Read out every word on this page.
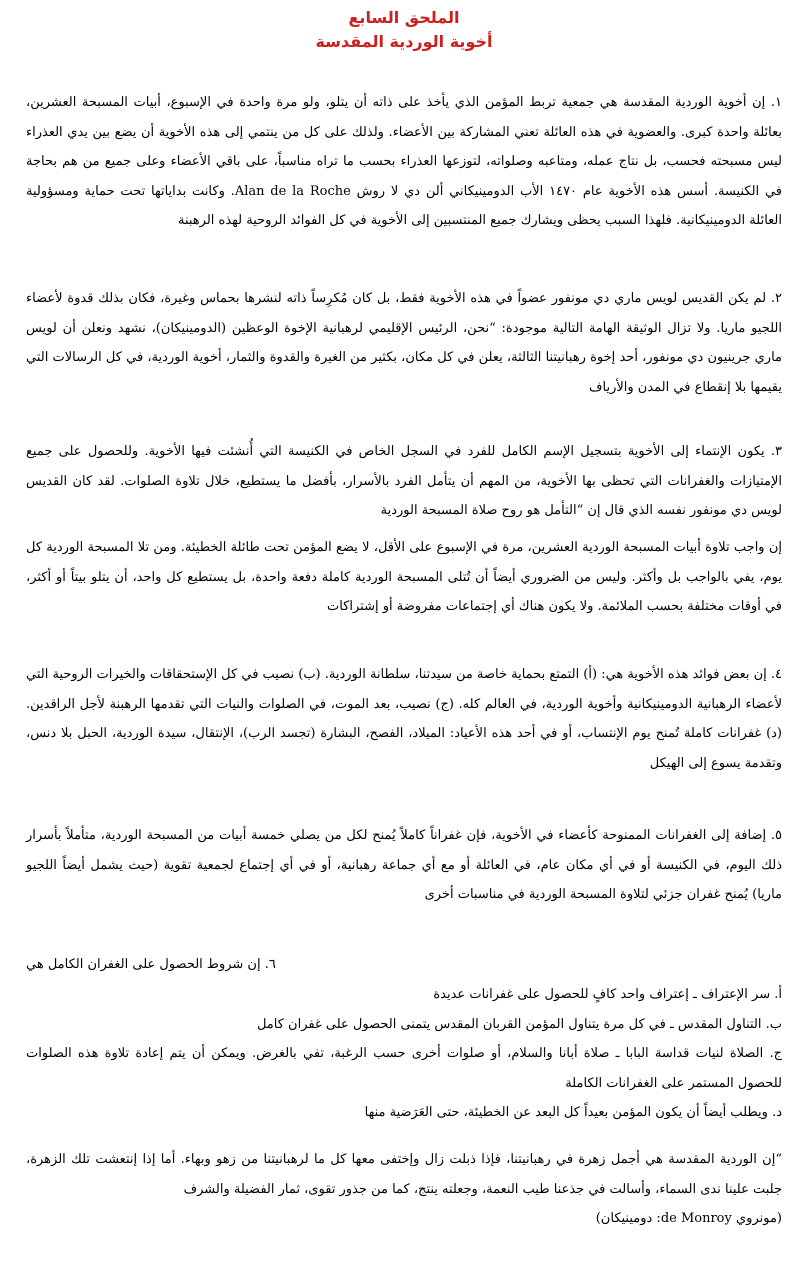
الملحق السابع
أخوية الوردية المقدسة

١. إن أخوية الوردية المقدسة هي جمعية تربط المؤمن الذي يأخذ على ذاته أن يتلو، ولو مرة واحدة في الإسبوع، أبيات المسبحة العشرين، بعائلة واحدة كبرى. والعضوية في هذه العائلة تعني المشاركة بين الأعضاء. ولذلك على كل من ينتمي إلى هذه الأخوية أن يضع بين يدي العذراء ليس مسبحته فحسب، بل نتاج عمله، ومتاعبه وصلواته، لتوزعها العذراء بحسب ما تراه مناسباً، على باقي الأعضاء وعلى جميع من هم بحاجة في الكنيسة. أسس هذه الأخوية عام ١٤٧٠ الأب الدومينيكاني ألن دي لا روش Alan de la Roche. وكانت بداياتها تحت حماية ومسؤولية العائلة الدومينيكانية. فلهذا السبب يحظى ويشارك جميع المنتسبين إلى الأخوية في كل الفوائد الروحية لهذه الرهبنة

٢. لم يكن القديس لويس ماري دي مونفور عضواً في هذه الأخوية فقط، بل كان مُكرِساً ذاته لنشرها بحماس وغيرة، فكان بذلك قدوة لأعضاء اللجيو ماريا. ولا تزال الوثيقة الهامة التالية موجودة: “نحن، الرئيس الإقليمي لرهبانية الإخوة الوعظين (الدومينيكان)، نشهد ونعلن أن لويس ماري جرينيون دي مونفور، أحد إخوة رهبانيتنا الثالثة، يعلن في كل مكان، بكثير من الغيرة والقدوة والثمار، أخوية الوردية، في كل الرسالات التي يقيمها بلا إنقطاع في المدن والأرياف

٣. يكون الإنتماء إلى الأخوية بتسجيل الإسم الكامل للفرد في السجل الخاص في الكنيسة التي أُنشئت فيها الأخوية. وللحصول على جميع الإمتيازات والغفرانات التي تحظى بها الأخوية، من المهم أن يتأمل الفرد بالأسرار، بأفضل ما يستطيع، خلال تلاوة الصلوات. لقد كان القديس لويس دي مونفور نفسه الذي قال إن “التأمل هو روح صلاة المسبحة الوردية

إن واجب تلاوة أبيات المسبحة الوردية العشرين، مرة في الإسبوع على الأقل، لا يضع المؤمن تحت طائلة الخطيئة. ومن تلا المسبحة الوردية كل يوم، يفي بالواجب بل وأكثر. وليس من الضروري أيضاً أن تُتلى المسبحة الوردية كاملة دفعة واحدة، بل يستطيع كل واحد، أن يتلو بيتاً أو أكثر، في أوقات مختلفة بحسب الملائمة. ولا يكون هناك أي إجتماعات مفروضة أو إشتراكات

٤. إن بعض فوائد هذه الأخوية هي: (أ) التمتع بحماية خاصة من سيدتنا، سلطانة الوردية. (ب) نصيب في كل الإستحقاقات والخيرات الروحية التي لأعضاء الرهبانية الدومينيكانية وأخوية الوردية، في العالم كله. (ج) نصيب، بعد الموت، في الصلوات والنيات التي تقدمها الرهبنة لأجل الراقدين. (د) غفرانات كاملة تُمنح يوم الإنتساب، أو في أحد هذه الأعياد: الميلاد، الفصح، البشارة (تجسد الرب)، الإنتقال، سيدة الوردية، الحبل بلا دنس، وتقدمة يسوع إلى الهيكل

٥. إضافة إلى الغفرانات الممنوحة كأعضاء في الأخوية، فإن غفراناً كاملاً يُمنح لكل من يصلي خمسة أبيات من المسبحة الوردية، متأملاً بأسرار ذلك اليوم، في الكنيسة أو في أي مكان عام، في العائلة أو مع أي جماعة رهبانية، أو في أي إجتماع لجمعية تقوية (حيث يشمل أيضاً اللجيو ماريا) يُمنح غفران جزئي لتلاوة المسبحة الوردية في مناسبات أخرى

٦. إن شروط الحصول على الغفران الكامل هي

أ. سر الإعتراف ـ إعتراف واحد كافٍ للحصول على غفرانات عديدة
ب. التناول المقدس ـ في كل مرة يتناول المؤمن القربان المقدس يتمنى الحصول على غفران كامل
ج. الصلاة لنيات قداسة البابا ـ صلاة أبانا والسلام، أو صلوات أخرى حسب الرغبة، تفي بالغرض. ويمكن أن يتم إعادة تلاوة هذه الصلوات للحصول المستمر على الغفرانات الكاملة
د. ويطلب أيضاً أن يكون المؤمن بعيداً كل البعد عن الخطيئة، حتى العَرَضية منها
“إن الوردية المقدسة هي أجمل زهرة في رهبانيتنا، فإذا ذبلت زال وإختفى معها كل ما لرهبانيتنا من زهو وبهاء. أما إذا إنتعشت تلك الزهرة، جلبت علينا ندى السماء، وأسالت في جذعنا طيب النعمة، وجعلته ينتج، كما من جذور تقوى، ثمار الفضيلة والشرف
(مونروي de Monroy: دومينيكان)
